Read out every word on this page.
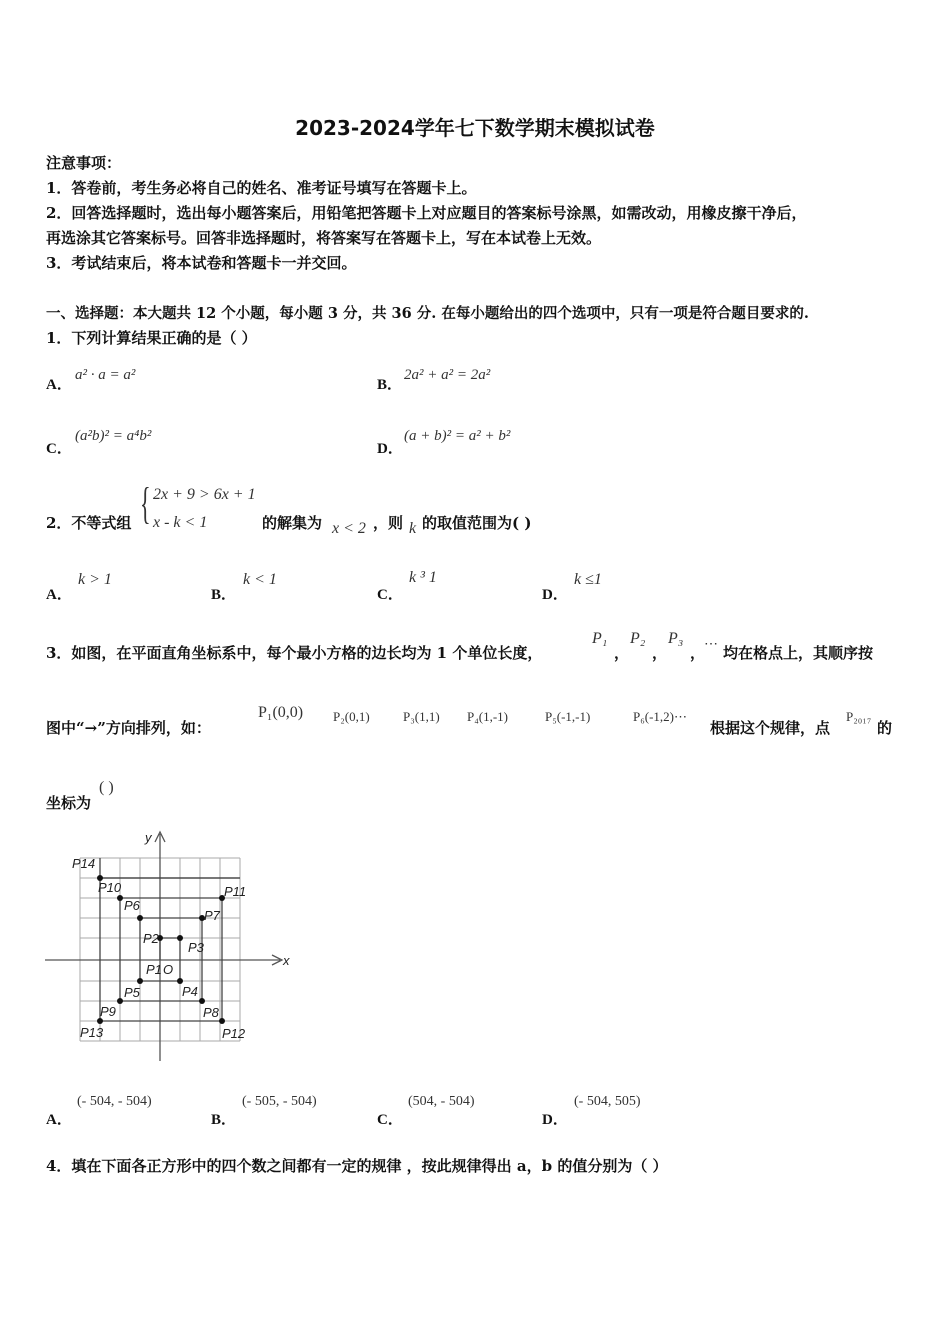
2023-2024学年七下数学期末模拟试卷
注意事项：
1．答卷前，考生务必将自己的姓名、准考证号填写在答题卡上。
2．回答选择题时，选出每小题答案后，用铅笔把答题卡上对应题目的答案标号涂黑，如需改动，用橡皮擦干净后，
再选涂其它答案标号。回答非选择题时，将答案写在答题卡上，写在本试卷上无效。
3．考试结束后，将本试卷和答题卡一并交回。
一、选择题：本大题共 12 个小题，每小题 3 分，共 36 分. 在每小题给出的四个选项中，只有一项是符合题目要求的.
1．下列计算结果正确的是（ ）
A．
a² · a = a²
B．
2a² + a² = 2a²
C．
(a²b)² = a⁴b²
D．
(a + b)² = a² + b²
2．不等式组 { 2x + 9 > 6x + 1
x - k < 1	的解集为 x < 2 ，则 k 的取值范围为( )
A．
k > 1
B．
k < 1
C．
k ³ 1
D．
k ≤1
3．如图，在平面直角坐标系中，每个最小方格的边长均为 1 个单位长度，
P₁
，
P₂
，
P₃
，
⋯ 均在格点上，其顺序按
图中“→”方向排列，如：
P₁(0,0) P₂(0,1)	P₃(1,1) P₄(1,-1)	P₅(-1,-1)	P₆(-1,2)⋯
根据这个规律，点
P₂₀₁₇
的
坐标为
( )
y
x
O
P1
P2
P3
P4
P5
P6
P7
P8
P9
P10	P11
P12
P13
P14
A．
(- 504, - 504)
B．
(- 505, - 504)
C．
(504, - 504)
D．
(- 504, 505)
4．填在下面各正方形中的四个数之间都有一定的规律 ，按此规律得出 a，b 的值分别为（ ）
